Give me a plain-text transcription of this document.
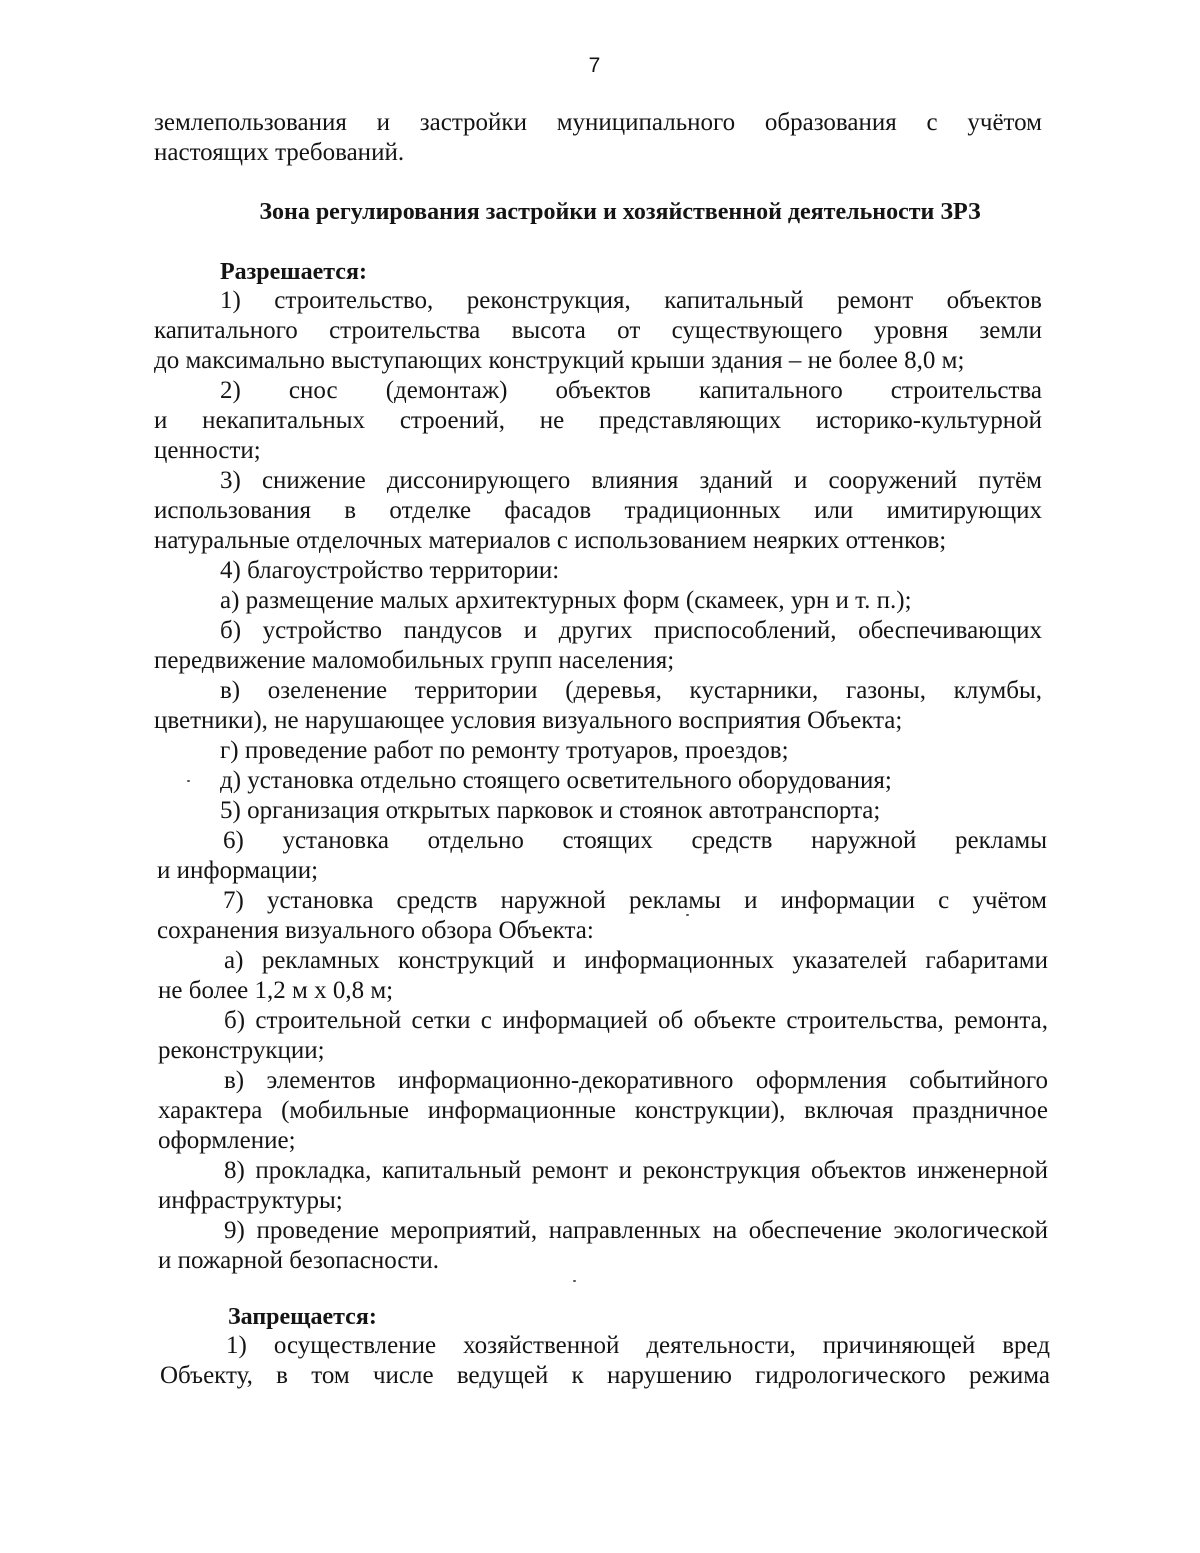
7
землепользования и застройки муниципального образования с учётом
настоящих требований.
Зона регулирования застройки и хозяйственной деятельности ЗРЗ
Разрешается:
1) строительство, реконструкция, капитальный ремонт объектов
капитального строительства высота от существующего уровня земли
до максимально выступающих конструкций крыши здания – не более 8,0 м;
2) снос (демонтаж) объектов капитального строительства
и некапитальных строений, не представляющих историко-культурной
ценности;
3) снижение диссонирующего влияния зданий и сооружений путём
использования в отделке фасадов традиционных или имитирующих
натуральные отделочных материалов с использованием неярких оттенков;
4) благоустройство территории:
а) размещение малых архитектурных форм (скамеек, урн и т. п.);
б) устройство пандусов и других приспособлений, обеспечивающих
передвижение маломобильных групп населения;
в) озеленение территории (деревья, кустарники, газоны, клумбы,
цветники), не нарушающее условия визуального восприятия Объекта;
г) проведение работ по ремонту тротуаров, проездов;
д) установка отдельно стоящего осветительного оборудования;
5) организация открытых парковок и стоянок автотранспорта;
6) установка отдельно стоящих средств наружной рекламы
и информации;
7) установка средств наружной рекламы и информации с учётом
сохранения визуального обзора Объекта:
а) рекламных конструкций и информационных указателей габаритами
не более 1,2 м х 0,8 м;
б) строительной сетки с информацией об объекте строительства, ремонта,
реконструкции;
в) элементов информационно-декоративного оформления событийного
характера (мобильные информационные конструкции), включая праздничное
оформление;
8) прокладка, капитальный ремонт и реконструкция объектов инженерной
инфраструктуры;
9) проведение мероприятий, направленных на обеспечение экологической
и пожарной безопасности.
Запрещается:
1) осуществление хозяйственной деятельности, причиняющей вред
Объекту, в том числе ведущей к нарушению гидрологического режима
